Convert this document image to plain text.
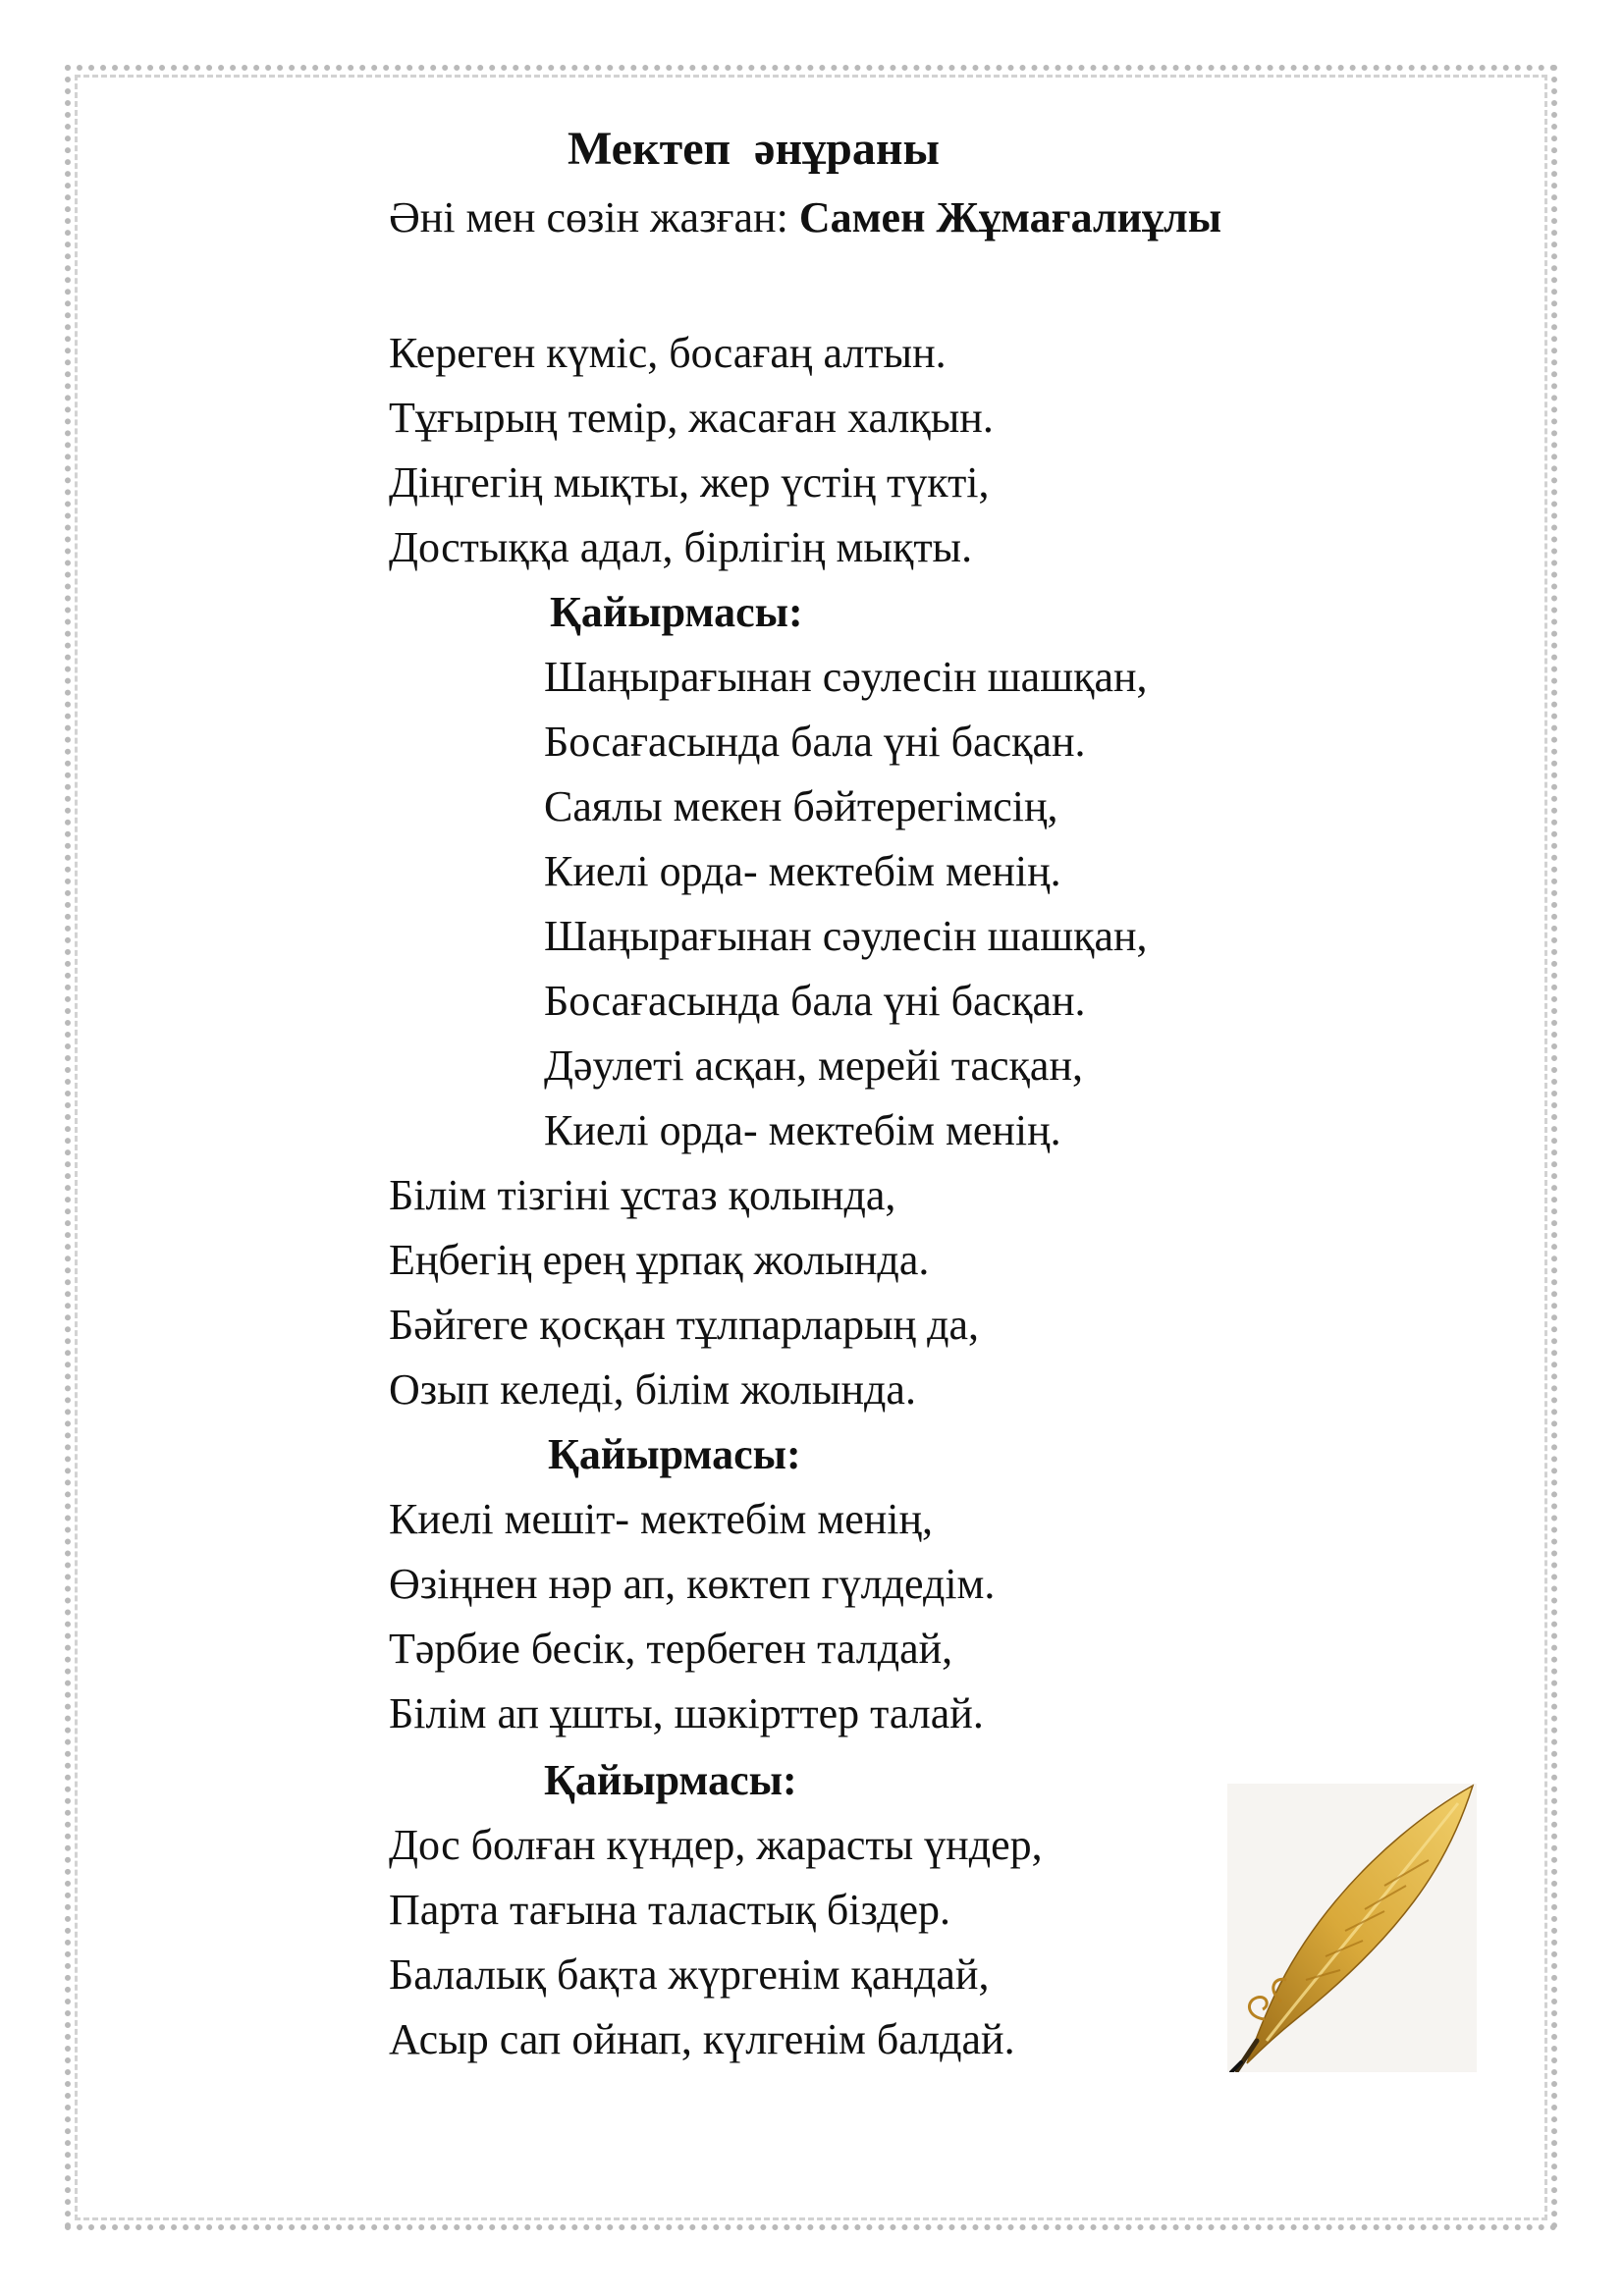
Мектеп  әнұраны
Әні мен сөзін жазған: Самен Жұмағалиұлы
Кереген күміс, босағаң алтын.
Тұғырың темір, жасаған халқын.
Діңгегің мықты, жер үстің түкті,
Достыққа адал, бірлігің мықты.
Қайырмасы:
Шаңырағынан сәулесін шашқан,
Босағасында бала үні басқан.
Саялы мекен бәйтерегімсің,
Киелі орда- мектебім менің.
Шаңырағынан сәулесін шашқан,
Босағасында бала үні басқан.
Дәулеті асқан, мерейі тасқан,
Киелі орда- мектебім менің.
Білім тізгіні ұстаз қолында,
Еңбегің ерең ұрпақ жолында.
Бәйгеге қосқан тұлпарларың да,
Озып келеді, білім жолында.
Қайырмасы:
Киелі мешіт- мектебім менің,
Өзіңнен нәр ап, көктеп гүлдедім.
Тәрбие бесік, тербеген талдай,
Білім ап ұшты, шәкірттер талай.
Қайырмасы:
Дос болған күндер, жарасты үндер,
Парта тағына таластық біздер.
Балалық бақта жүргенім қандай,
Асыр сап ойнап, күлгенім балдай.
